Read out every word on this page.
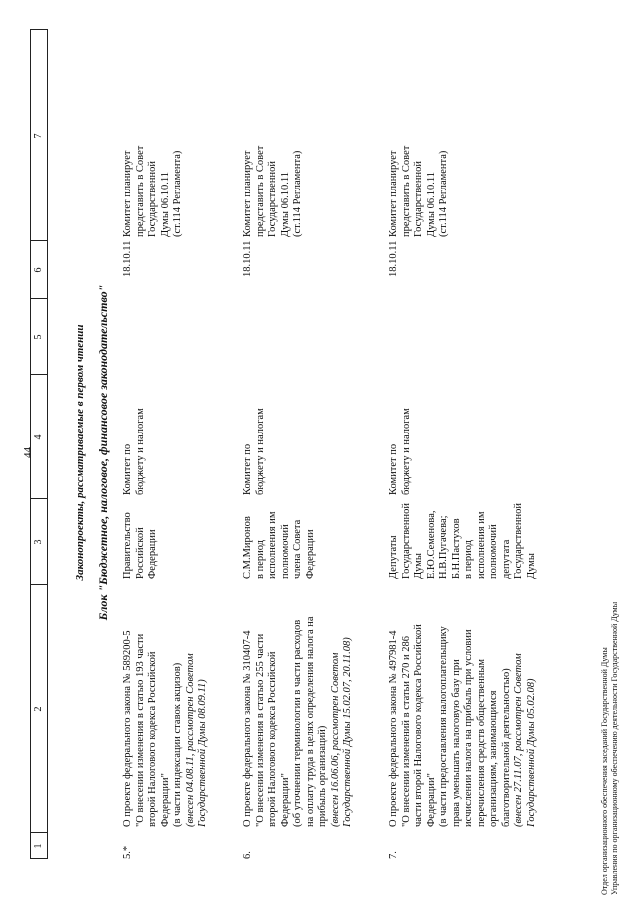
44
1
2
3
4
5
6
7
Законопроекты, рассматриваемые в первом чтении Блок "Бюджетное, налоговое, финансовое законодательство"
5.*
О проекте федерального закона № 589200-5 "О внесении изменения в статью 193 части второй Налогового кодекса Российской Федерации" (в части индексации ставок акцизов) (внесен 04.08.11, рассмотрен Советом Государственной Думы 08.09.11)
Правительство Российской Федерации
Комитет по бюджету и налогам
18.10.11
Комитет планирует представить в Совет Государственной Думы 06.10.11 (ст.114 Регламента)
6.
О проекте федерального закона № 310407-4 "О внесении изменения в статью 255 части второй Налогового кодекса Российской Федерации" (об уточнении терминологии в части расходов на оплату труда в целях определения налога на прибыль организаций) (внесен 16.06.06, рассмотрен Советом Государственной Думы 15.02.07, 20.11.08)
С.М.Миронов в период исполнения им полномочий члена Совета Федерации
Комитет по бюджету и налогам
18.10.11
Комитет планирует представить в Совет Государственной Думы 06.10.11 (ст.114 Регламента)
7.
О проекте федерального закона № 497981-4 "О внесении изменений в статьи 270 и 286 части второй Налогового кодекса Российской Федерации" (в части предоставления налогоплательщику права уменьшать налоговую базу при исчислении налога на прибыль при условии перечисления средств общественным организациям, занимающимся благотворительной деятельностью) (внесен 27.11.07, рассмотрен Советом Государственной Думы 05.02.08)
Депутаты Государственной Думы Е.Ю.Семенова, Н.В.Пугачева; Б.Н.Пастухов в период исполнения им полномочий депутата Государственной Думы
Комитет по бюджету и налогам
18.10.11
Комитет планирует представить в Совет Государственной Думы 06.10.11 (ст.114 Регламента)
Отдел организационного обеспечения заседаний Государственной Думы Управления по организационному обеспечению деятельности Государственной Думы
